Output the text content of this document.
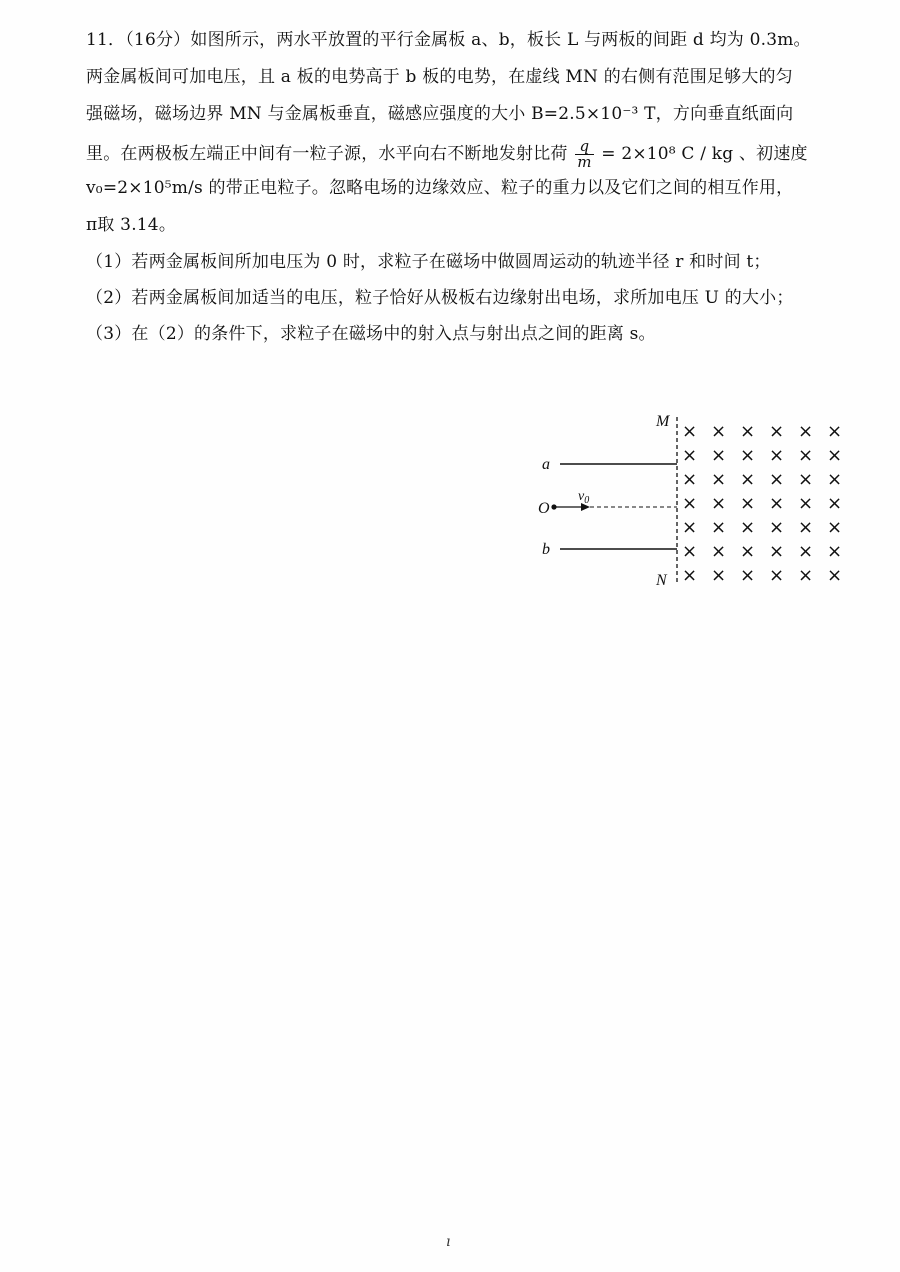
11．（16分）如图所示，两水平放置的平行金属板 a、b，板长 L 与两板的间距 d 均为 0.3m。
两金属板间可加电压，且 a 板的电势高于 b 板的电势，在虚线 MN 的右侧有范围足够大的匀
强磁场，磁场边界 MN 与金属板垂直，磁感应强度的大小 B=2.5×10⁻³ T，方向垂直纸面向
里。在两极板左端正中间有一粒子源，水平向右不断地发射比荷 $\frac{q}{m} = 2\times 10^8$ C / kg 、初速度
v₀=2×10⁵m/s 的带正电粒子。忽略电场的边缘效应、粒子的重力以及它们之间的相互作用，
π取 3.14。
（1）若两金属板间所加电压为 0 时，求粒子在磁场中做圆周运动的轨迹半径 r 和时间 t；
（2）若两金属板间加适当的电压，粒子恰好从极板右边缘射出电场，求所加电压 U 的大小；
（3）在（2）的条件下，求粒子在磁场中的射入点与射出点之间的距离 s。
M
N
a
b
O
$v_0$
× × × × × ×
× × × × × ×
× × × × × ×
× × × × × ×
× × × × × ×
× × × × × ×
× × × × × ×
ı
